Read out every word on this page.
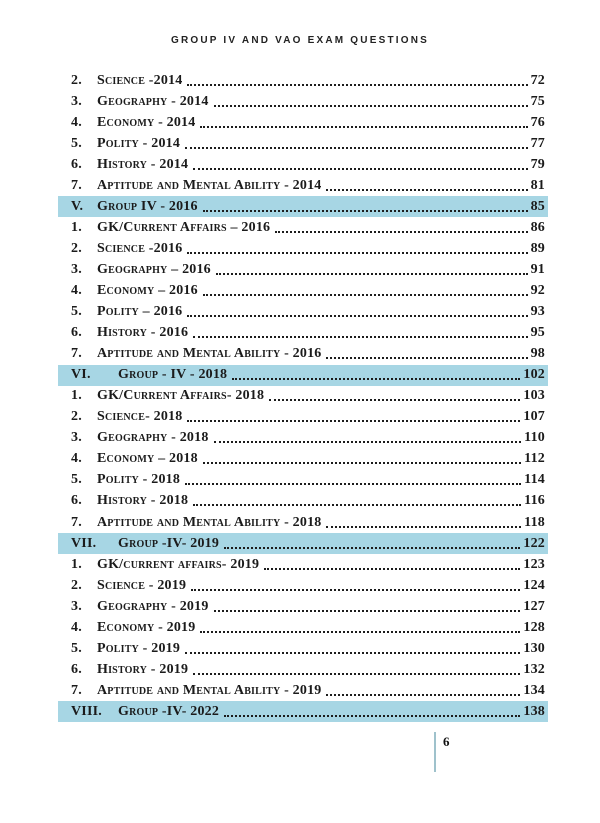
GROUP IV AND VAO EXAM QUESTIONS
2.	Science -2014	72
3.	Geography - 2014	75
4.	Economy - 2014	76
5.	Polity - 2014	77
6.	History - 2014	79
7.	Aptitude and Mental Ability - 2014	81
V. Group IV - 2016	85
1.	GK/Current Affairs – 2016	86
2.	Science -2016	89
3.	Geography – 2016	91
4.	Economy – 2016	92
5.	Polity – 2016	93
6.	History - 2016	95
7.	Aptitude and Mental Ability - 2016	98
VI.	Group - IV - 2018	102
1.	GK/Current Affairs- 2018	103
2.	Science- 2018	107
3.	Geography - 2018	110
4.	Economy – 2018	112
5.	Polity - 2018	114
6.	History - 2018	116
7.	Aptitude and Mental Ability - 2018	118
VII.	Group -IV- 2019	122
1.	GK/current affairs- 2019	123
2.	Science - 2019	124
3.	Geography - 2019	127
4.	Economy - 2019	128
5.	Polity - 2019	130
6.	History - 2019	132
7.	Aptitude and Mental Ability - 2019	134
VIII.	Group -IV- 2022	138
6
